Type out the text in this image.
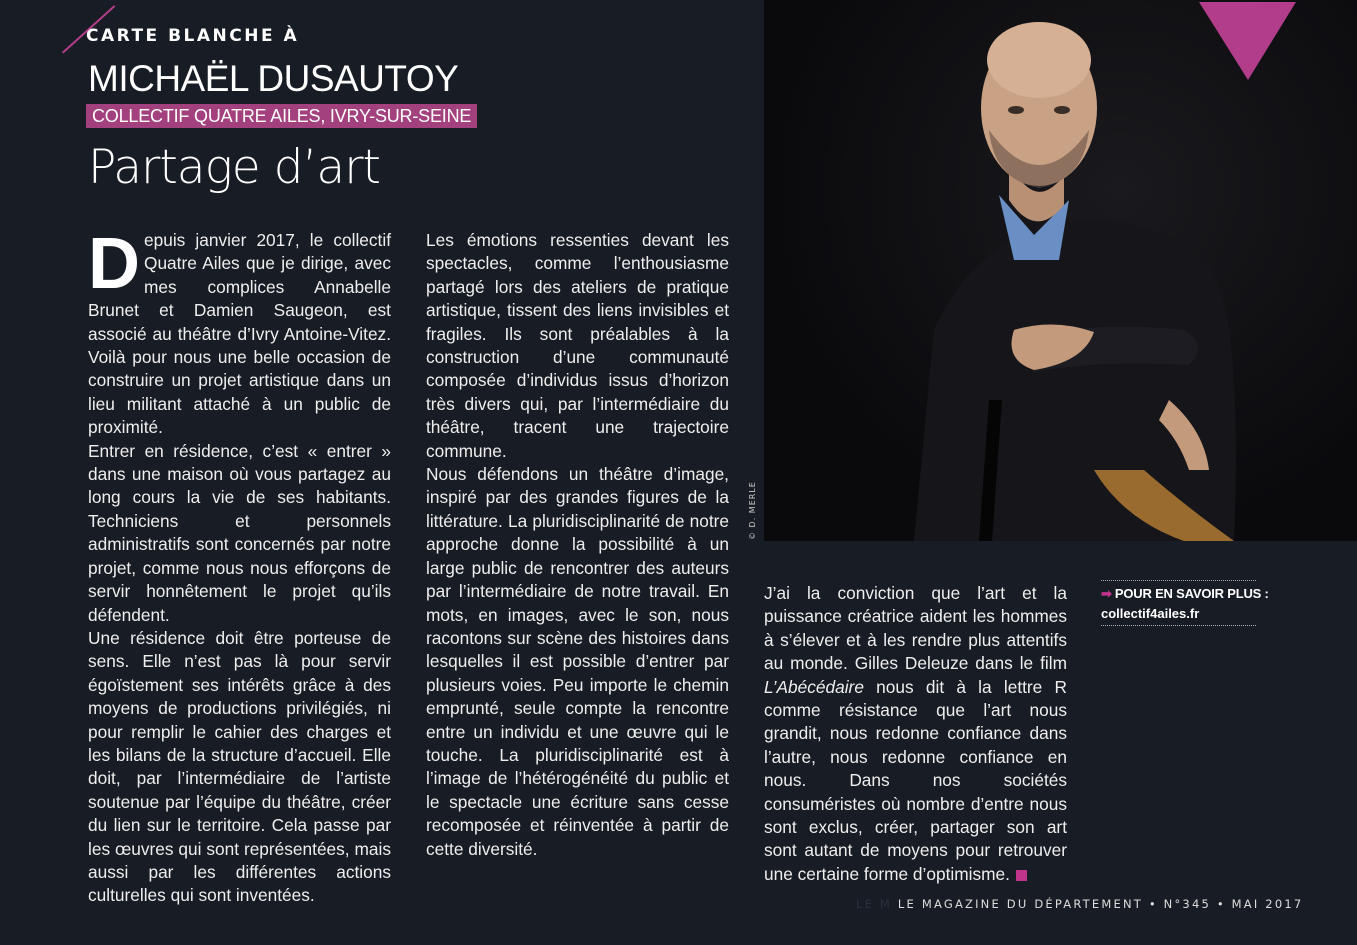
CARTE BLANCHE À
MICHAËL DUSAUTOY
COLLECTIF QUATRE AILES, IVRY-SUR-SEINE
Partage d’art
D epuis janvier 2017, le collectif Quatre Ailes que je dirige, avec mes complices Annabelle Brunet et Damien Saugeon, est associé au théâtre d’Ivry Antoine-Vitez. Voilà pour nous une belle occasion de construire un projet artistique dans un lieu militant attaché à un public de proximité.

Entrer en résidence, c’est « entrer » dans une maison où vous partagez au long cours la vie de ses habitants. Techniciens et personnels administratifs sont concernés par notre projet, comme nous nous efforçons de servir honnêtement le projet qu’ils défendent.

Une résidence doit être porteuse de sens. Elle n’est pas là pour servir égoïstement ses intérêts grâce à des moyens de productions privilégiés, ni pour remplir le cahier des charges et les bilans de la structure d’accueil. Elle doit, par l’intermédiaire de l’artiste soutenue par l’équipe du théâtre, créer du lien sur le territoire. Cela passe par les œuvres qui sont représentées, mais aussi par les différentes actions culturelles qui sont inventées.

Les émotions ressenties devant les spectacles, comme l’enthousiasme partagé lors des ateliers de pratique artistique, tissent des liens invisibles et fragiles. Ils sont préalables à la construction d’une communauté composée d’individus issus d’horizon très divers qui, par l’intermédiaire du théâtre, tracent une trajectoire commune.

Nous défendons un théâtre d’image, inspiré par des grandes figures de la littérature. La pluridisciplinarité de notre approche donne la possibilité à un large public de rencontrer des auteurs par l’intermédiaire de notre travail. En mots, en images, avec le son, nous racontons sur scène des histoires dans lesquelles il est possible d’entrer par plusieurs voies. Peu importe le chemin emprunté, seule compte la rencontre entre un individu et une œuvre qui le touche. La pluridisciplinarité est à l’image de l’hétérogénéité du public et le spectacle une écriture sans cesse recomposée et réinventée à partir de cette diversité.

© D. MERLE

J’ai la conviction que l’art et la puissance créatrice aident les hommes à s’élever et à les rendre plus attentifs au monde. Gilles Deleuze dans le film L’Abécédaire nous dit à la lettre R comme résistance que l’art nous grandit, nous redonne confiance dans l’autre, nous redonne confiance en nous. Dans nos sociétés consuméristes où nombre d’entre nous sont exclus, créer, partager son art sont autant de moyens pour retrouver une certaine forme d’optimisme.

➡ POUR EN SAVOIR PLUS :
collectif4ailes.fr
LE M LE MAGAZINE DU DÉPARTEMENT • N°345 • MAI 2017
